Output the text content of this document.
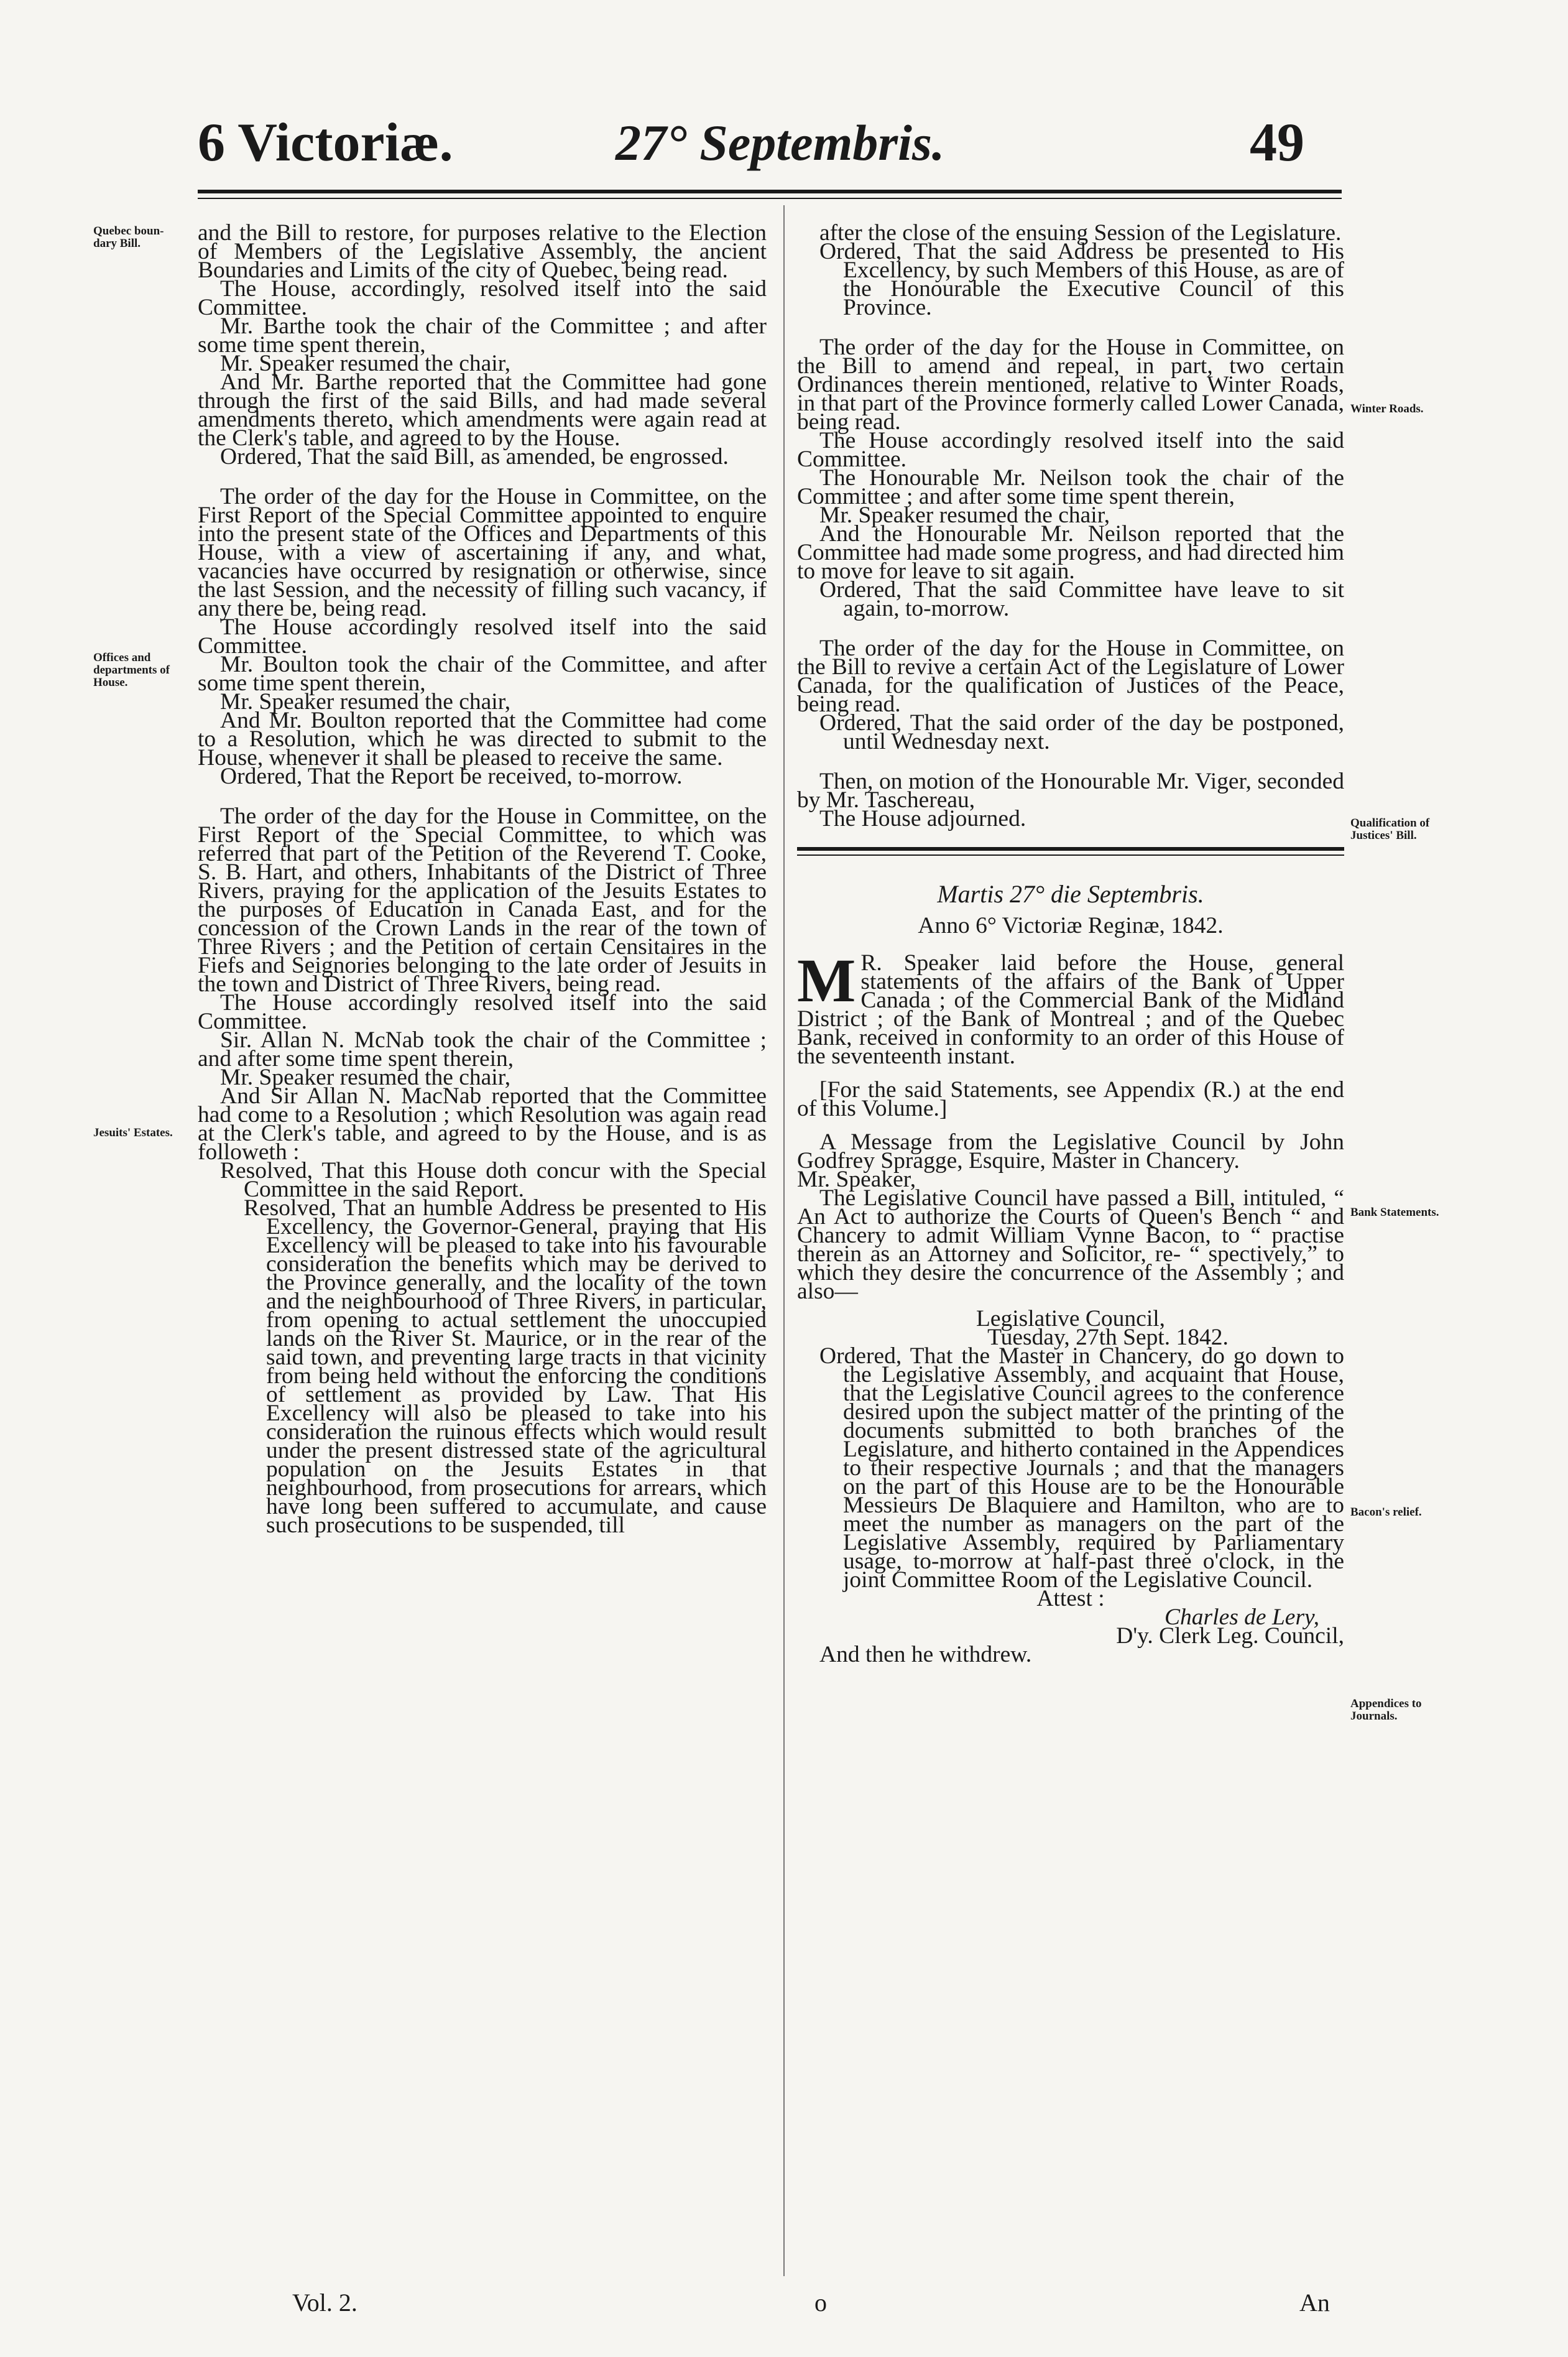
6 Victoriæ.	27° Septembris.	49
Quebec boun-
dary Bill.
Offices and
departments of
House.
Jesuits' Estates.
Winter Roads.
Qualification of
Justices' Bill.
Bank Statements.
Bacon's relief.
Appendices to
Journals.

and the Bill to restore, for purposes relative to the Election of Members of the Legislative Assembly, the ancient Boundaries and Limits of the city of Quebec, being read.

The House, accordingly, resolved itself into the said Committee.

Mr. Barthe took the chair of the Committee ; and after some time spent therein,

Mr. Speaker resumed the chair,

And Mr. Barthe reported that the Committee had gone through the first of the said Bills, and had made several amendments thereto, which amendments were again read at the Clerk's table, and agreed to by the House.

Ordered, That the said Bill, as amended, be engrossed.

The order of the day for the House in Committee, on the First Report of the Special Committee appointed to enquire into the present state of the Offices and Departments of this House, with a view of ascertaining if any, and what, vacancies have occurred by resignation or otherwise, since the last Session, and the necessity of filling such vacancy, if any there be, being read.

The House accordingly resolved itself into the said Committee.

Mr. Boulton took the chair of the Committee, and after some time spent therein,

Mr. Speaker resumed the chair,

And Mr. Boulton reported that the Committee had come to a Resolution, which he was directed to submit to the House, whenever it shall be pleased to receive the same.

Ordered, That the Report be received, to-morrow.

The order of the day for the House in Committee, on the First Report of the Special Committee, to which was referred that part of the Petition of the Reverend T. Cooke, S. B. Hart, and others, Inhabitants of the District of Three Rivers, praying for the application of the Jesuits Estates to the purposes of Education in Canada East, and for the concession of the Crown Lands in the rear of the town of Three Rivers ; and the Petition of certain Censitaires in the Fiefs and Seignories belonging to the late order of Jesuits in the town and District of Three Rivers, being read.

The House accordingly resolved itself into the said Committee.

Sir. Allan N. McNab took the chair of the Committee ; and after some time spent therein,

Mr. Speaker resumed the chair,

And Sir Allan N. MacNab reported that the Committee had come to a Resolution ; which Resolution was again read at the Clerk's table, and agreed to by the House, and is as followeth :

Resolved, That this House doth concur with the Special Committee in the said Report.

Resolved, That an humble Address be presented to His Excellency, the Governor-General, praying that His Excellency will be pleased to take into his favourable consideration the benefits which may be derived to the Province generally, and the locality of the town and the neighbourhood of Three Rivers, in particular, from opening to actual settlement the unoccupied lands on the River St. Maurice, or in the rear of the said town, and preventing large tracts in that vicinity from being held without the enforcing the conditions of settlement as provided by Law. That His Excellency will also be pleased to take into his consideration the ruinous effects which would result under the present distressed state of the agricultural population on the Jesuits Estates in that neighbourhood, from prosecutions for arrears, which have long been suffered to accumulate, and cause such prosecutions to be suspended, till

after the close of the ensuing Session of the Legislature.

Ordered, That the said Address be presented to His Excellency, by such Members of this House, as are of the Honourable the Executive Council of this Province.

The order of the day for the House in Committee, on the Bill to amend and repeal, in part, two certain Ordinances therein mentioned, relative to Winter Roads, in that part of the Province formerly called Lower Canada, being read.

The House accordingly resolved itself into the said Committee.

The Honourable Mr. Neilson took the chair of the Committee ; and after some time spent therein,

Mr. Speaker resumed the chair,

And the Honourable Mr. Neilson reported that the Committee had made some progress, and had directed him to move for leave to sit again.

Ordered, That the said Committee have leave to sit again, to-morrow.

The order of the day for the House in Committee, on the Bill to revive a certain Act of the Legislature of Lower Canada, for the qualification of Justices of the Peace, being read.

Ordered, That the said order of the day be postponed, until Wednesday next.

Then, on motion of the Honourable Mr. Viger, seconded by Mr. Taschereau,

The House adjourned.

Martis 27° die Septembris.

Anno 6° Victoriæ Reginæ, 1842.

M R. Speaker laid before the House, general statements of the affairs of the Bank of Upper Canada ; of the Commercial Bank of the Midland District ; of the Bank of Montreal ; and of the Quebec Bank, received in conformity to an order of this House of the seventeenth instant.

[For the said Statements, see Appendix (R.) at the end of this Volume.]

A Message from the Legislative Council by John Godfrey Spragge, Esquire, Master in Chancery.

Mr. Speaker,

The Legislative Council have passed a Bill, intituled, “ An Act to authorize the Courts of Queen's Bench “ and Chancery to admit William Vynne Bacon, to “ practise therein as an Attorney and Solicitor, re- “ spectively,” to which they desire the concurrence of the Assembly ; and also—

Legislative Council,

Tuesday, 27th Sept. 1842.

Ordered, That the Master in Chancery, do go down to the Legislative Assembly, and acquaint that House, that the Legislative Council agrees to the conference desired upon the subject matter of the printing of the documents submitted to both branches of the Legislature, and hitherto contained in the Appendices to their respective Journals ; and that the managers on the part of this House are to be the Honourable Messieurs De Blaquiere and Hamilton, who are to meet the number as managers on the part of the Legislative Assembly, required by Parliamentary usage, to-morrow at half-past three o'clock, in the joint Committee Room of the Legislative Council.

Attest :

Charles de Lery,

D'y. Clerk Leg. Council,

And then he withdrew.

Vol. 2.	o	An
